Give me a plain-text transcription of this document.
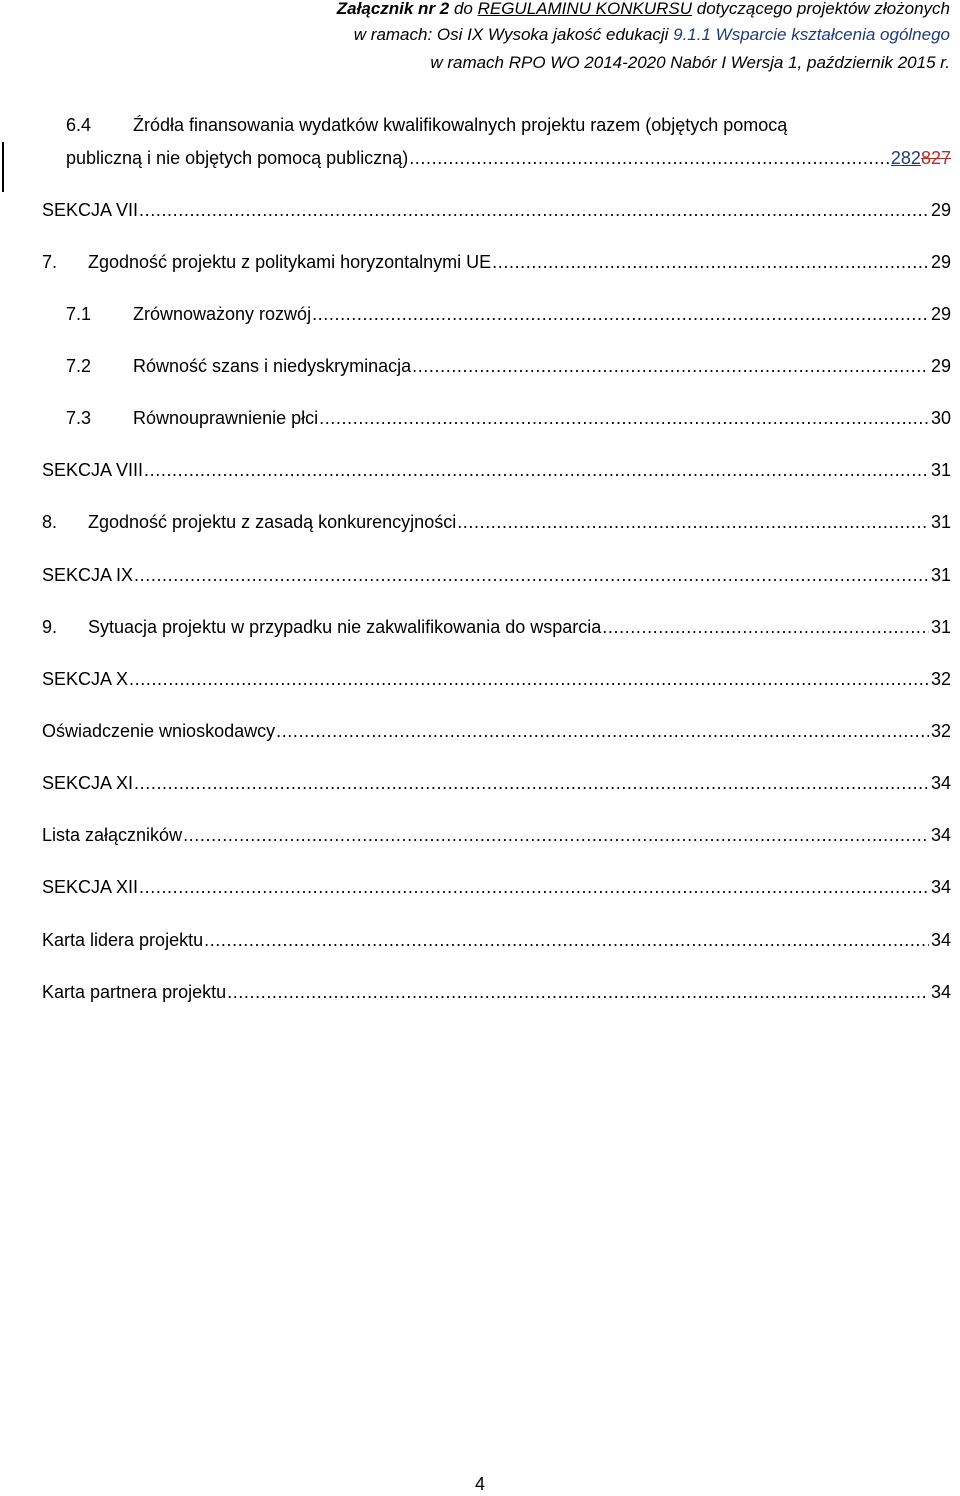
Załącznik nr 2 do REGULAMINU KONKURSU dotyczącego projektów złożonych
w ramach: Osi IX Wysoka jakość edukacji 9.1.1 Wsparcie kształcenia ogólnego
w ramach RPO WO 2014-2020 Nabór I Wersja 1, październik 2015 r.
6.4 Źródła finansowania wydatków kwalifikowalnych projektu razem (objętych pomocą
publiczną i nie objętych pomocą publiczną) .....	282827
SEKCJA VII .....	29
7.	Zgodność projektu z politykami horyzontalnymi UE .....	29
7.1	Zrównoważony rozwój .....	29
7.2	Równość szans i niedyskryminacja .....	29
7.3	Równouprawnienie płci .....	30
SEKCJA VIII .....	31
8.	Zgodność projektu z zasadą konkurencyjności .....	31
SEKCJA IX .....	31
9.	Sytuacja projektu w przypadku nie zakwalifikowania do wsparcia .....	31
SEKCJA X .....	32
Oświadczenie wnioskodawcy .....	32
SEKCJA XI .....	34
Lista załączników .....	34
SEKCJA XII .....	34
Karta lidera projektu .....	34
Karta partnera projektu .....	34
4
